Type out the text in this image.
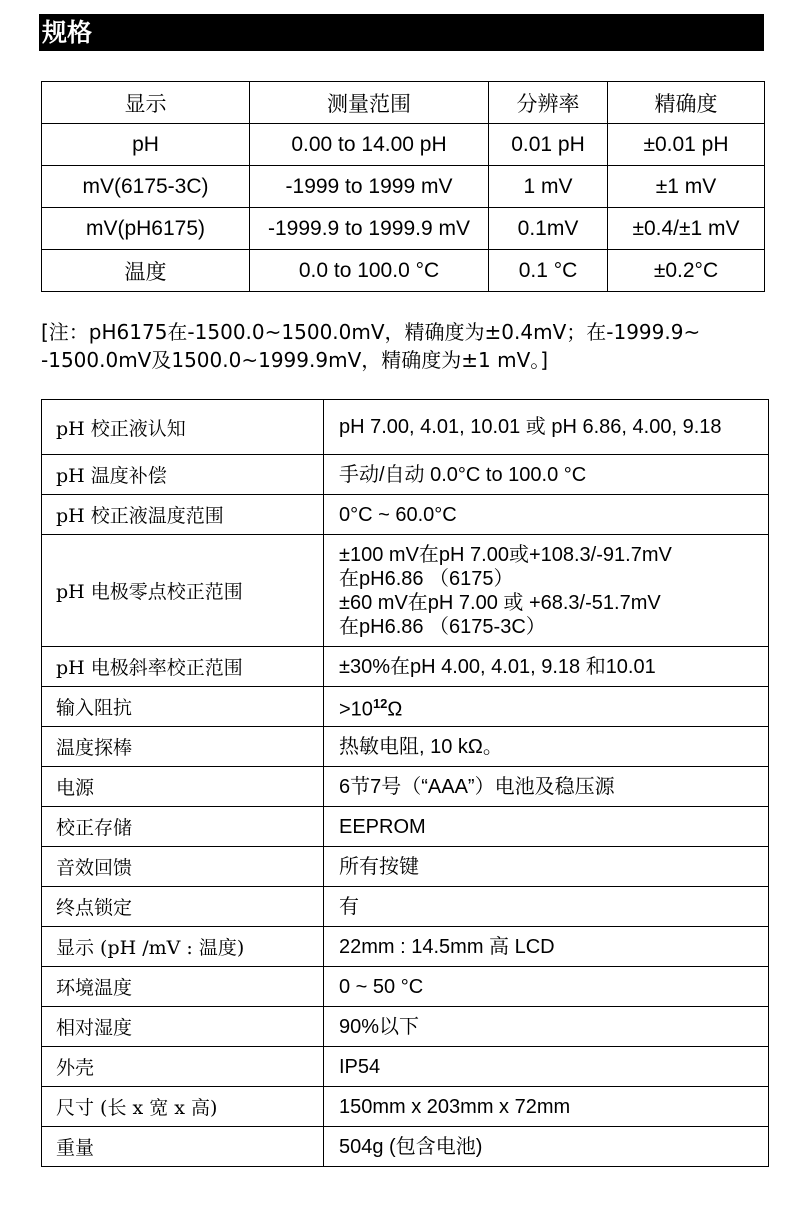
规格
显示	测量范围	分辨率	精确度
pH	0.00 to 14.00 pH	0.01 pH	±0.01 pH
mV(6175-3C)	-1999 to 1999 mV	1 mV	±1 mV
mV(pH6175)	-1999.9 to 1999.9 mV	0.1mV	±0.4/±1 mV
温度	0.0 to 100.0 °C	0.1 °C	±0.2°C
[注：pH6175在-1500.0~1500.0mV，精确度为±0.4mV；在-1999.9~
-1500.0mV及1500.0~1999.9mV，精确度为±1 mV。]
pH 校正液认知	pH 7.00, 4.01, 10.01 或 pH 6.86, 4.00, 9.18
pH 温度补偿	手动/自动 0.0°C to 100.0 °C
pH 校正液温度范围	0°C ~ 60.0°C
pH 电极零点校正范围	±100 mV在pH 7.00或+108.3/-91.7mV
在pH6.86 （6175）
±60 mV在pH 7.00 或 +68.3/-51.7mV
在pH6.86 （6175-3C）

pH 电极斜率校正范围	±30%在pH 4.00, 4.01, 9.18 和10.01
输入阻抗	$>10^{12}\Omega$
温度探棒	热敏电阻, 10 kΩ。
电源	6节7号（“AAA”）电池及稳压源
校正存储	EEPROM
音效回馈	所有按键
终点锁定	有
显示 (pH /mV : 温度)	22mm : 14.5mm 高 LCD
环境温度	0 ~ 50 °C
相对湿度	90%以下
外壳	IP54
尺寸 (长 x 宽 x 高)	150mm x 203mm x 72mm
重量	504g (包含电池)
